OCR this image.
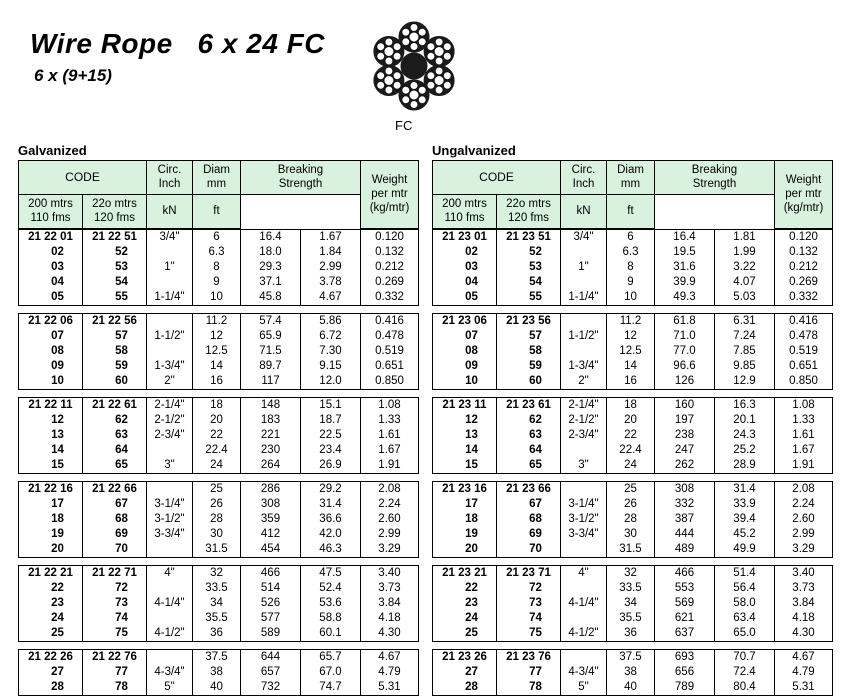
Wire Rope   6 x 24 FC
6 x (9+15)
FC
Galvanized	Ungalvanized
CODE	Circ.
Inch

Diam
mm

Breaking
Strength	Weight
per mtr
(kg/mtr)

200 mtrs
110 fms

22o mtrs
120 fms

		kN	ft		
21 22 01	21 22 51	3/4"	6	16.4	1.67	0.120
02	52		6.3	18.0	1.84	0.132
03	53	1"	8	29.3	2.99	0.212
04	54		9	37.1	3.78	0.269
05	55	1-1/4"	10	45.8	4.67	0.332
21 22 06	21 22 56		11.2	57.4	5.86	0.416
07	57	1-1/2"	12	65.9	6.72	0.478
08	58		12.5	71.5	7.30	0.519
09	59	1-3/4"	14	89.7	9.15	0.651
10	60	2"	16	117	12.0	0.850
21 22 11	21 22 61	2-1/4"	18	148	15.1	1.08
12	62	2-1/2"	20	183	18.7	1.33
13	63	2-3/4"	22	221	22.5	1.61
14	64		22.4	230	23.4	1.67
15	65	3"	24	264	26.9	1.91
21 22 16	21 22 66		25	286	29.2	2.08
17	67	3-1/4"	26	308	31.4	2.24
18	68	3-1/2"	28	359	36.6	2.60
19	69	3-3/4"	30	412	42.0	2.99
20	70		31.5	454	46.3	3.29
21 22 21	21 22 71	4"	32	466	47.5	3.40
22	72		33.5	514	52.4	3.73
23	73	4-1/4"	34	526	53.6	3.84
24	74		35.5	577	58.8	4.18
25	75	4-1/2"	36	589	60.1	4.30
21 22 26	21 22 76		37.5	644	65.7	4.67
27	77	4-3/4"	38	657	67.0	4.79
28	78	5"	40	732	74.7	5.31
CODE	Circ.
Inch

Diam
mm

Breaking
Strength	Weight
per mtr
(kg/mtr)

200 mtrs
110 fms

22o mtrs
120 fms

		kN	ft		
21 23 01	21 23 51	3/4"	6	16.4	1.81	0.120
02	52		6.3	19.5	1.99	0.132
03	53	1"	8	31.6	3.22	0.212
04	54		9	39.9	4.07	0.269
05	55	1-1/4"	10	49.3	5.03	0.332
21 23 06	21 23 56		11.2	61.8	6.31	0.416
07	57	1-1/2"	12	71.0	7.24	0.478
08	58		12.5	77.0	7.85	0.519
09	59	1-3/4"	14	96.6	9.85	0.651
10	60	2"	16	126	12.9	0.850
21 23 11	21 23 61	2-1/4"	18	160	16.3	1.08
12	62	2-1/2"	20	197	20.1	1.33
13	63	2-3/4"	22	238	24.3	1.61
14	64		22.4	247	25.2	1.67
15	65	3"	24	262	28.9	1.91
21 23 16	21 23 66		25	308	31.4	2.08
17	67	3-1/4"	26	332	33.9	2.24
18	68	3-1/2"	28	387	39.4	2.60
19	69	3-3/4"	30	444	45.2	2.99
20	70		31.5	489	49.9	3.29
21 23 21	21 23 71	4"	32	466	51.4	3.40
22	72		33.5	553	56.4	3.73
23	73	4-1/4"	34	569	58.0	3.84
24	74		35.5	621	63.4	4.18
25	75	4-1/2"	36	637	65.0	4.30
21 23 26	21 23 76		37.5	693	70.7	4.67
27	77	4-3/4"	38	656	72.4	4.79
28	78	5"	40	789	80.4	5.31
